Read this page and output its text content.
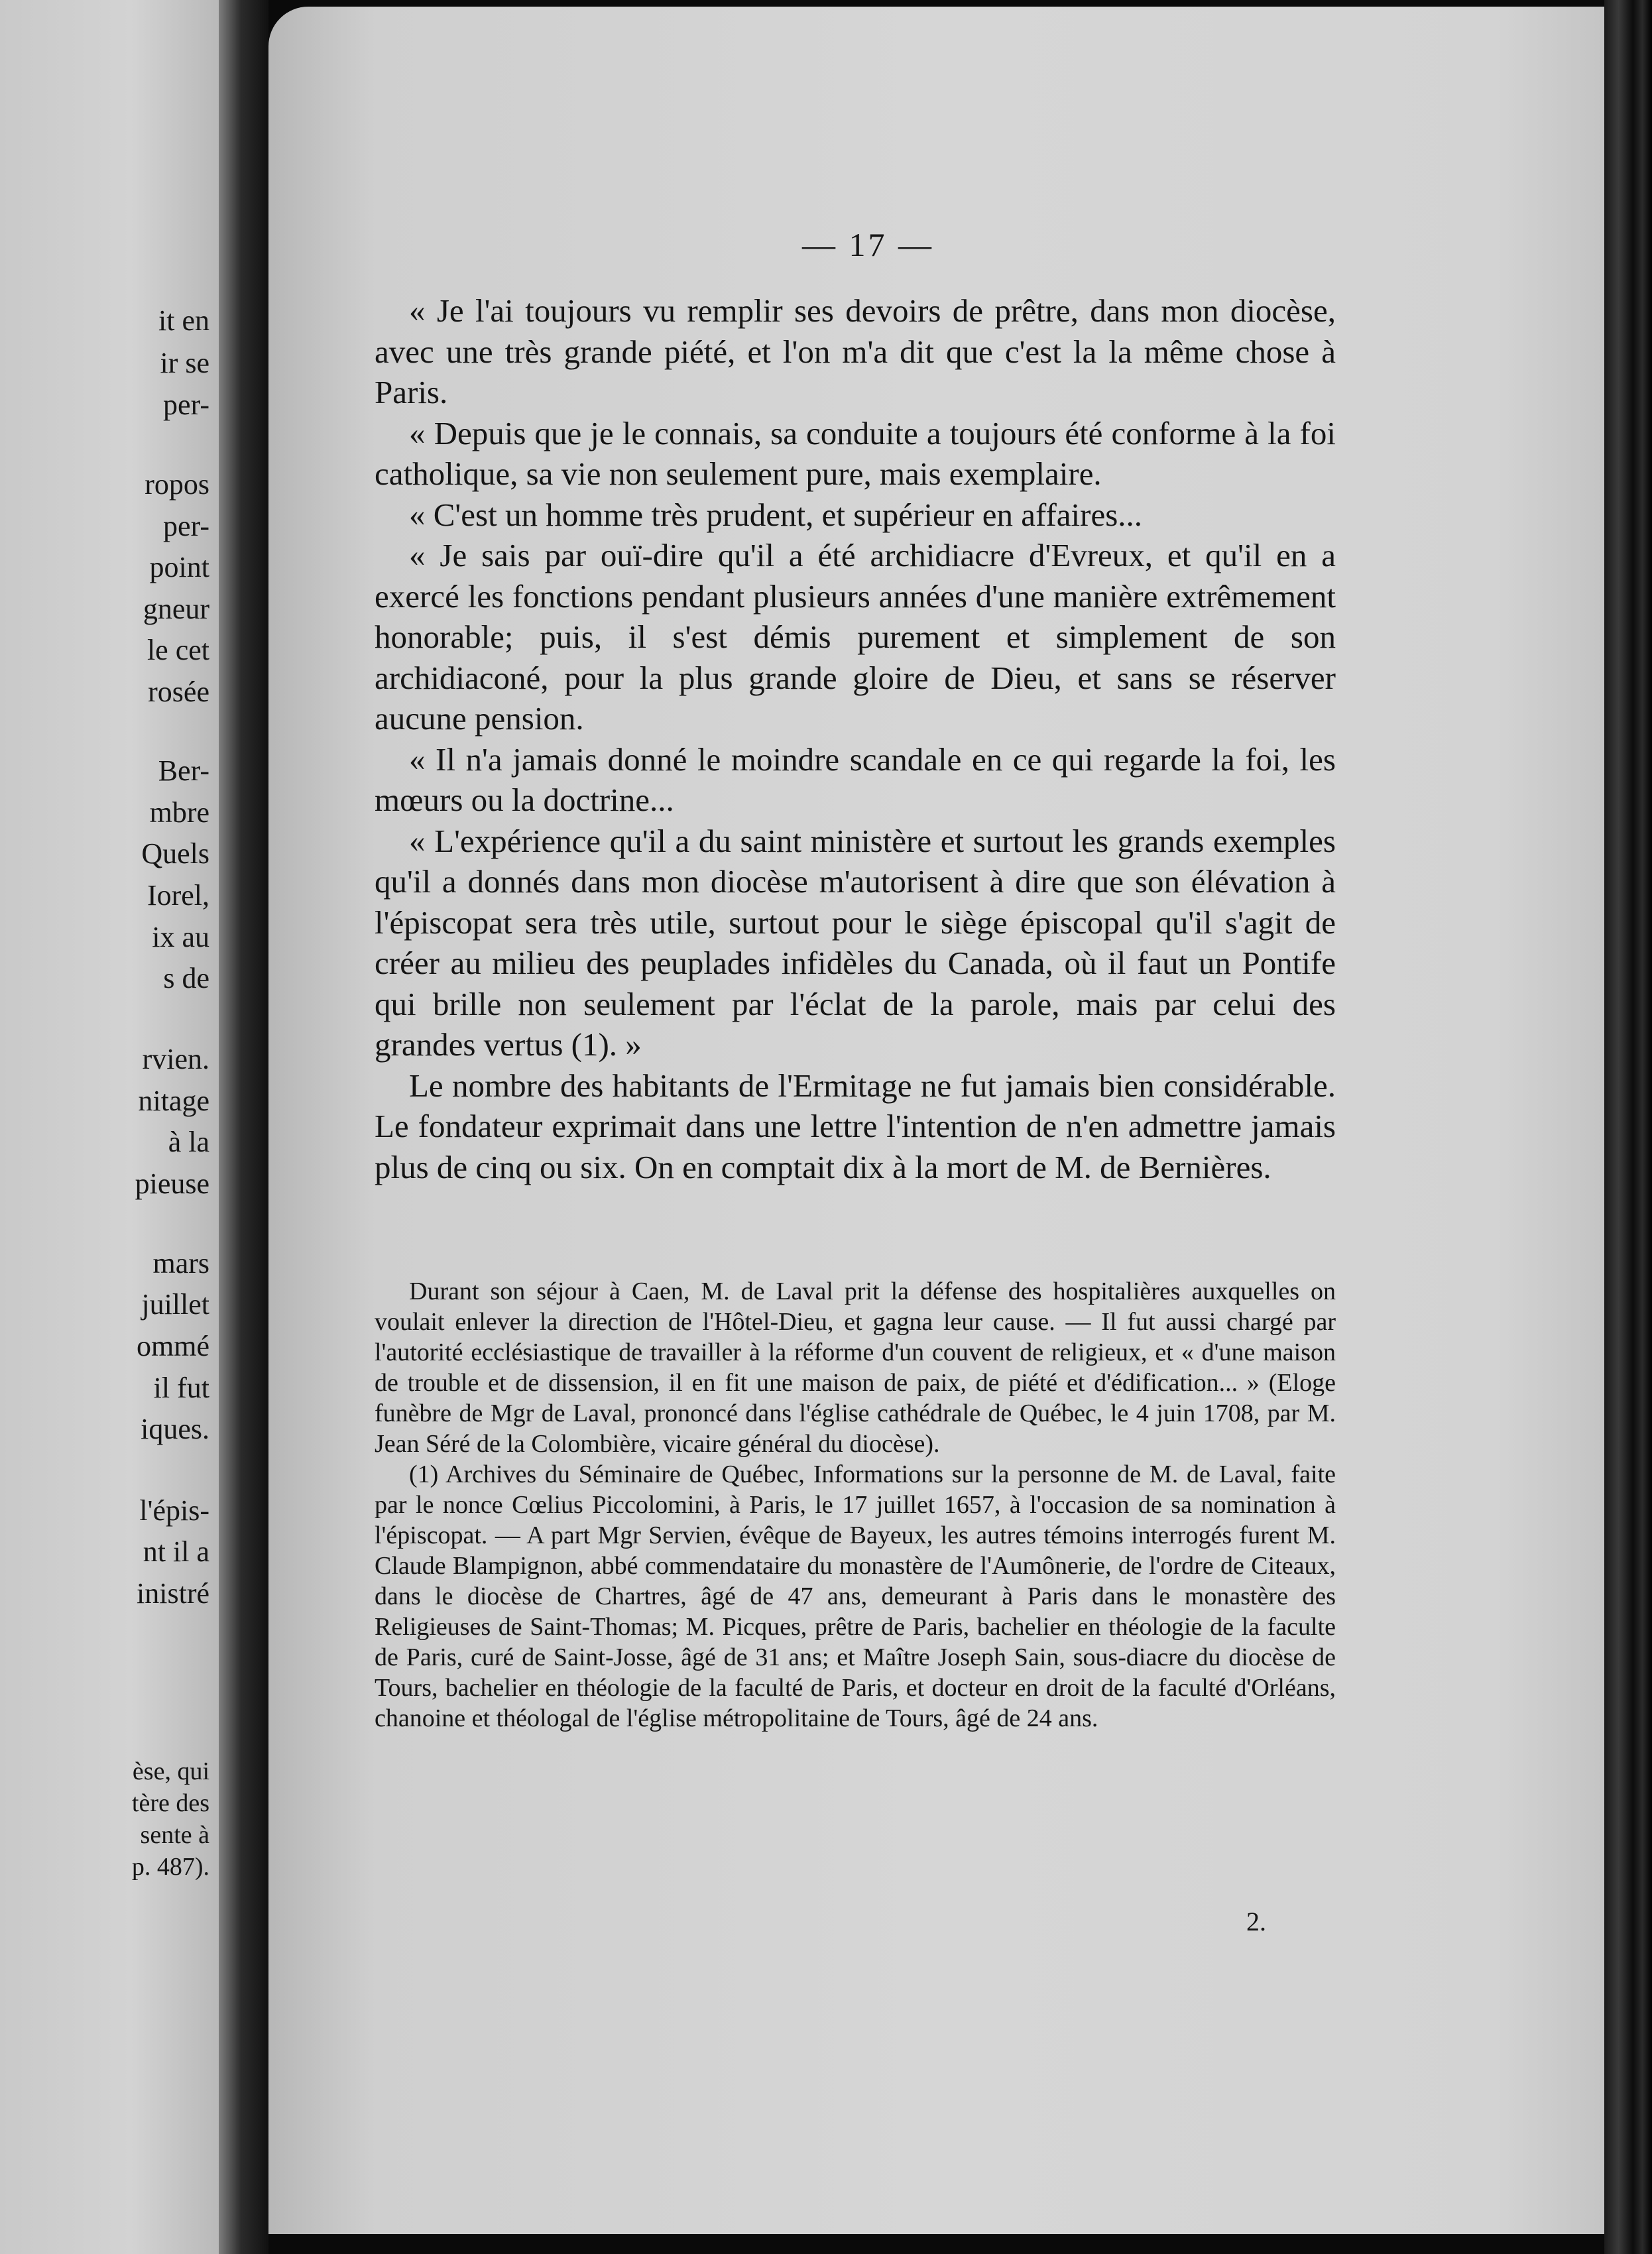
it en
ir se
per-
ropos
per-
point
gneur
le cet
rosée
Ber-
mbre
Quels
Iorel,
ix au
s de
rvien.
nitage
à la
pieuse
mars
juillet
ommé
il fut
iques.
l'épis-
nt il a
inistré
èse, qui
tère des
sente à
p. 487).
— 17 —

« Je l'ai toujours vu remplir ses devoirs de prêtre, dans mon diocèse, avec une très grande piété, et l'on m'a dit que c'est la la même chose à Paris.

« Depuis que je le connais, sa conduite a toujours été conforme à la foi catholique, sa vie non seulement pure, mais exemplaire.

« C'est un homme très prudent, et supérieur en affaires...

« Je sais par ouï-dire qu'il a été archidiacre d'Evreux, et qu'il en a exercé les fonctions pendant plusieurs années d'une manière extrêmement honorable; puis, il s'est démis purement et simplement de son archidiaconé, pour la plus grande gloire de Dieu, et sans se réserver aucune pension.

« Il n'a jamais donné le moindre scandale en ce qui regarde la foi, les mœurs ou la doctrine...

« L'expérience qu'il a du saint ministère et surtout les grands exemples qu'il a donnés dans mon diocèse m'autorisent à dire que son élévation à l'épiscopat sera très utile, surtout pour le siège épiscopal qu'il s'agit de créer au milieu des peuplades infidèles du Canada, où il faut un Pontife qui brille non seulement par l'éclat de la parole, mais par celui des grandes vertus (1). »

Le nombre des habitants de l'Ermitage ne fut jamais bien considérable. Le fondateur exprimait dans une lettre l'intention de n'en admettre jamais plus de cinq ou six. On en comptait dix à la mort de M. de Bernières.

Durant son séjour à Caen, M. de Laval prit la défense des hospitalières auxquelles on voulait enlever la direction de l'Hôtel-Dieu, et gagna leur cause. — Il fut aussi chargé par l'autorité ecclésiastique de travailler à la réforme d'un couvent de religieux, et « d'une maison de trouble et de dissension, il en fit une maison de paix, de piété et d'édification... » (Eloge funèbre de Mgr de Laval, prononcé dans l'église cathédrale de Québec, le 4 juin 1708, par M. Jean Séré de la Colombière, vicaire général du diocèse).

(1) Archives du Séminaire de Québec, Informations sur la personne de M. de Laval, faite par le nonce Cœlius Piccolomini, à Paris, le 17 juillet 1657, à l'occasion de sa nomination à l'épiscopat. — A part Mgr Servien, évêque de Bayeux, les autres témoins interrogés furent M. Claude Blampignon, abbé commendataire du monastère de l'Aumônerie, de l'ordre de Citeaux, dans le diocèse de Chartres, âgé de 47 ans, demeurant à Paris dans le monastère des Religieuses de Saint-Thomas; M. Picques, prêtre de Paris, bachelier en théologie de la faculte de Paris, curé de Saint-Josse, âgé de 31 ans; et Maître Joseph Sain, sous-diacre du diocèse de Tours, bachelier en théologie de la faculté de Paris, et docteur en droit de la faculté d'Orléans, chanoine et théologal de l'église métropolitaine de Tours, âgé de 24 ans.

2.
